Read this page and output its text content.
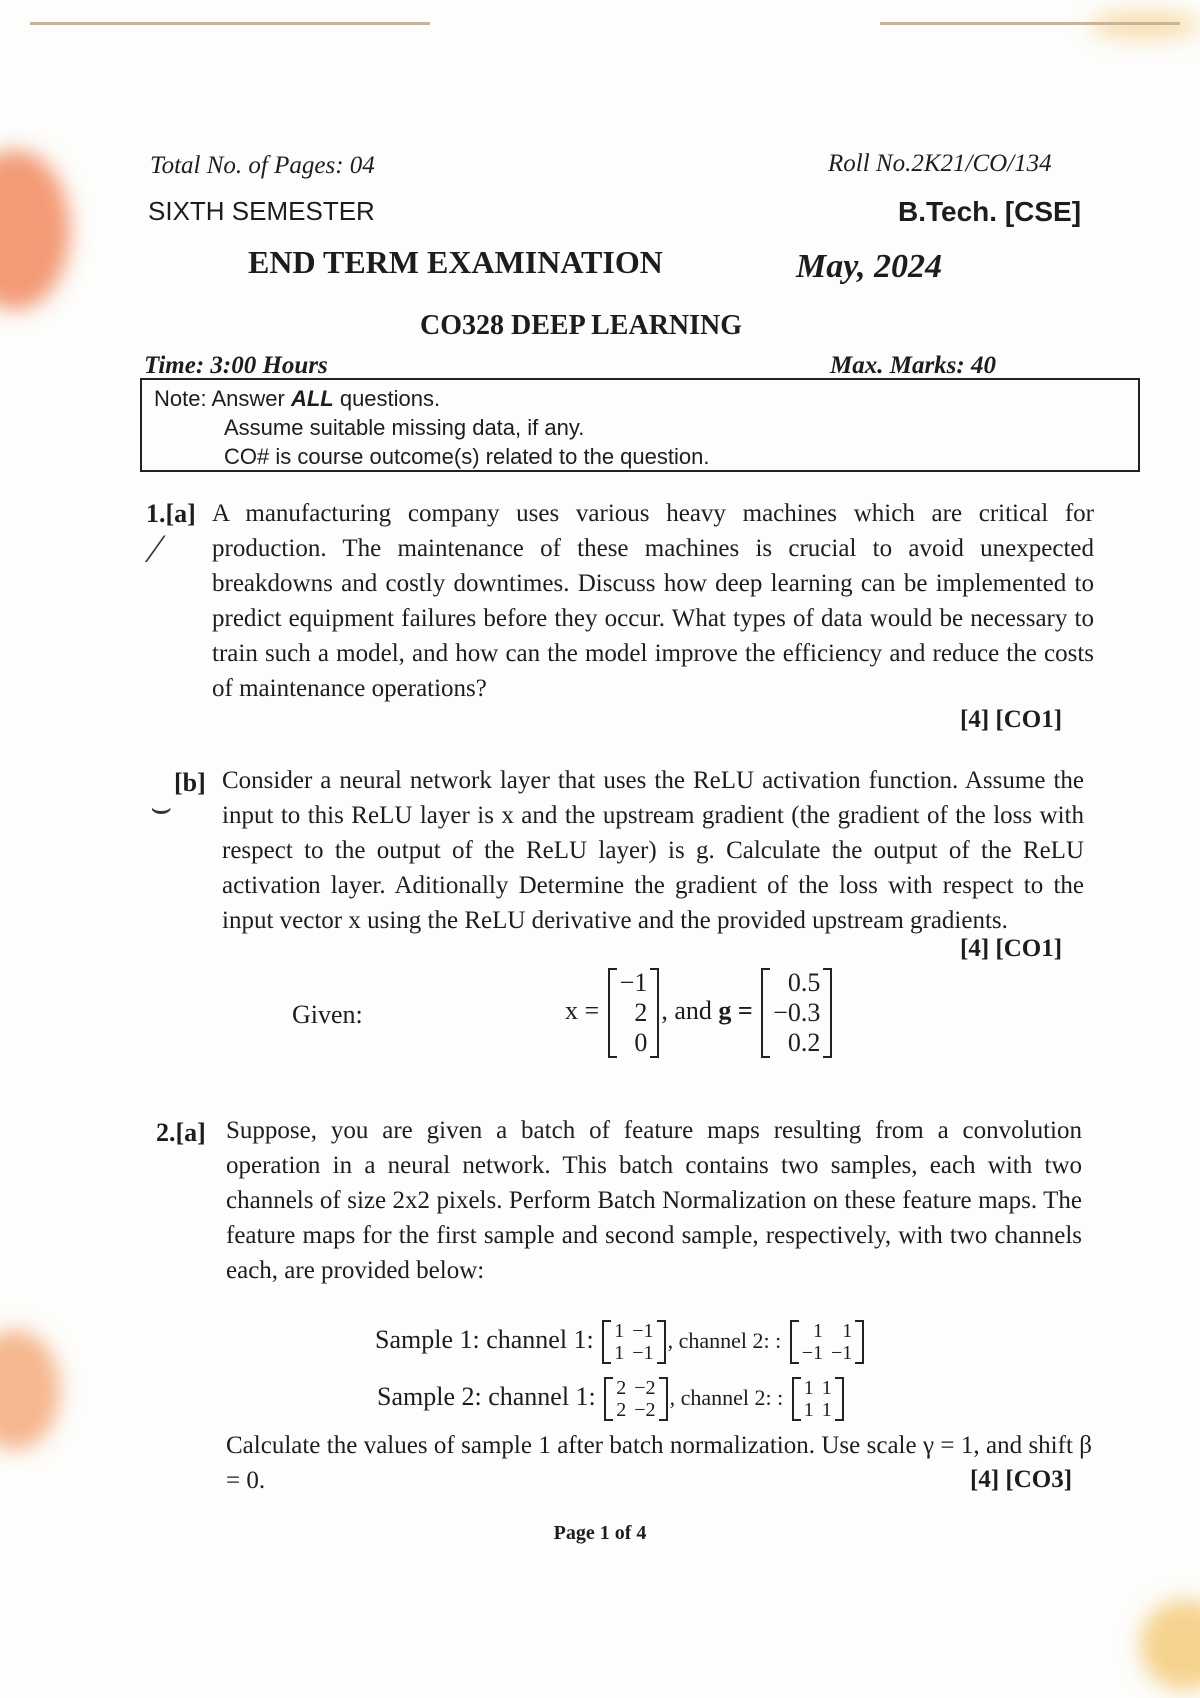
Total No. of Pages: 04	Roll No.2K21/CO/134
SIXTH SEMESTER	B.Tech. [CSE]
END TERM EXAMINATION	May, 2024
CO328 DEEP LEARNING
Time: 3:00 Hours	Max. Marks: 40
Note: Answer ALL questions.
Assume suitable missing data, if any.
CO# is course outcome(s) related to the question.
⁄
1.[a] A manufacturing company uses various heavy machines which are critical for production. The maintenance of these machines is crucial to avoid unexpected breakdowns and costly downtimes. Discuss how deep learning can be implemented to predict equipment failures before they occur. What types of data would be necessary to train such a model, and how can the model improve the efficiency and reduce the costs of maintenance operations?
[4] [CO1]
⌣
[b] Consider a neural network layer that uses the ReLU activation function. Assume the input to this ReLU layer is x and the upstream gradient (the gradient of the loss with respect to the output of the ReLU layer) is g. Calculate the output of the ReLU activation layer. Aditionally Determine the gradient of the loss with respect to the input vector x using the ReLU derivative and the provided upstream gradients.
[4] [CO1]
Given:	x =
−1
2
0
, and g =
0.5
−0.3
0.2
2.[a] Suppose, you are given a batch of feature maps resulting from a convolution operation in a neural network. This batch contains two samples, each with two channels of size 2x2 pixels. Perform Batch Normalization on these feature maps. The feature maps for the first sample and second sample, respectively, with two channels each, are provided below:
Sample 1: channel 1: 1	−1
1	−1
, channel 2: : 1	1
−1	−1
Sample 2: channel 1: 2	−2
2	−2
, channel 2: : 1	1
1	1
Calculate the values of sample 1 after batch normalization. Use scale γ = 1, and shift β = 0.	[4] [CO3]
Page 1 of 4
